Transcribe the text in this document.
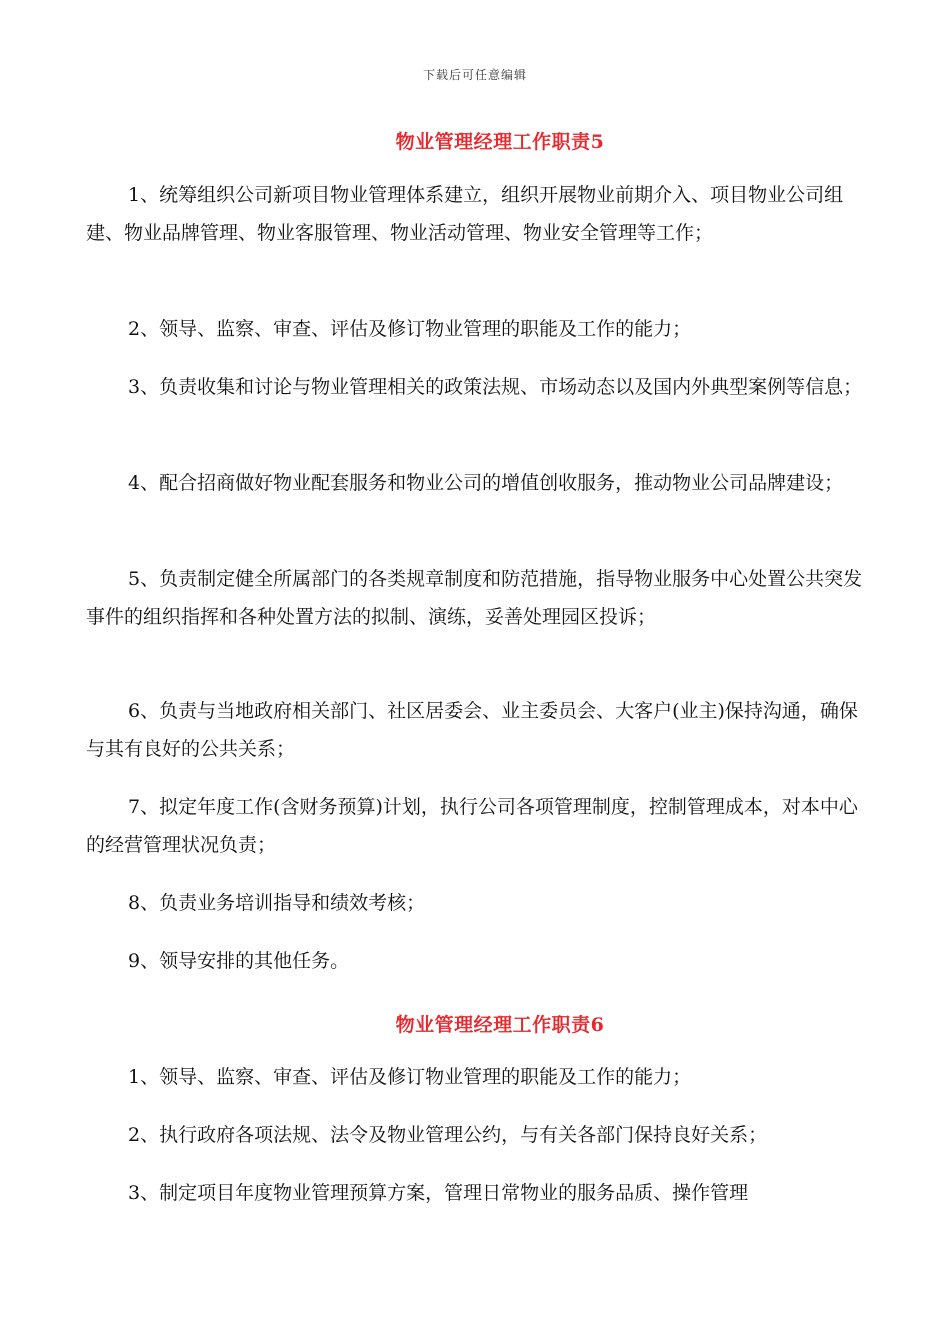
下载后可任意编辑
物业管理经理工作职责5
1、统筹组织公司新项目物业管理体系建立，组织开展物业前期介入、项目物业公司组建、物业品牌管理、物业客服管理、物业活动管理、物业安全管理等工作；
2、领导、监察、审查、评估及修订物业管理的职能及工作的能力；
3、负责收集和讨论与物业管理相关的政策法规、市场动态以及国内外典型案例等信息；
4、配合招商做好物业配套服务和物业公司的增值创收服务，推动物业公司品牌建设；
5、负责制定健全所属部门的各类规章制度和防范措施，指导物业服务中心处置公共突发事件的组织指挥和各种处置方法的拟制、演练，妥善处理园区投诉；
6、负责与当地政府相关部门、社区居委会、业主委员会、大客户(业主)保持沟通，确保与其有良好的公共关系；
7、拟定年度工作(含财务预算)计划，执行公司各项管理制度，控制管理成本，对本中心的经营管理状况负责；
8、负责业务培训指导和绩效考核；
9、领导安排的其他任务。
物业管理经理工作职责6
1、领导、监察、审查、评估及修订物业管理的职能及工作的能力；
2、执行政府各项法规、法令及物业管理公约，与有关各部门保持良好关系；
3、制定项目年度物业管理预算方案，管理日常物业的服务品质、操作管理
